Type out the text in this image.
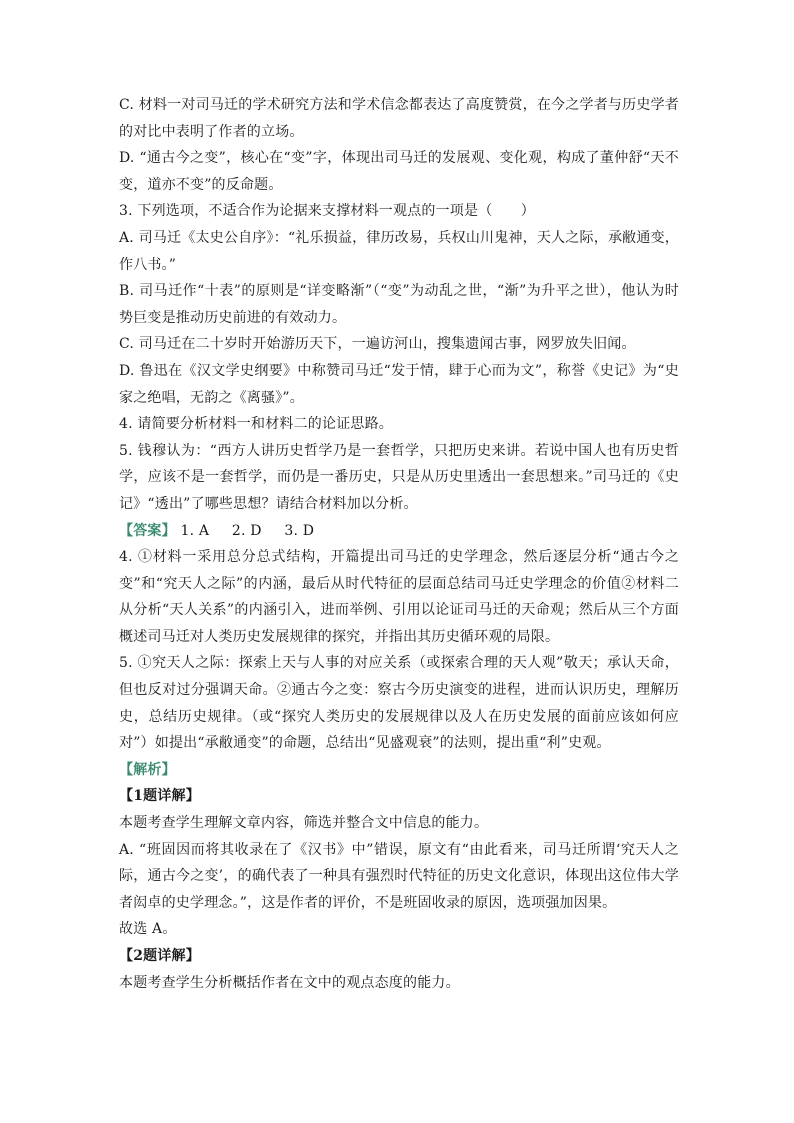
C. 材料一对司马迁的学术研究方法和学术信念都表达了高度赞赏，在今之学者与历史学者的对比中表明了作者的立场。

D. “通古今之变”，核心在“变”字，体现出司马迁的发展观、变化观，构成了董仲舒“天不变，道亦不变”的反命题。

3. 下列选项，不适合作为论据来支撑材料一观点的一项是（　　）

A. 司马迁《太史公自序》：“礼乐损益，律历改易，兵权山川鬼神，天人之际，承敝通变，作八书。”

B. 司马迁作“十表”的原则是“详变略渐”（“变”为动乱之世，“渐”为升平之世），他认为时势巨变是推动历史前进的有效动力。

C. 司马迁在二十岁时开始游历天下，一遍访河山，搜集遗闻古事，网罗放失旧闻。

D. 鲁迅在《汉文学史纲要》中称赞司马迁“发于情，肆于心而为文”，称誉《史记》为“史家之绝唱，无韵之《离骚》”。

4. 请简要分析材料一和材料二的论证思路。

5. 钱穆认为：“西方人讲历史哲学乃是一套哲学，只把历史来讲。若说中国人也有历史哲学，应该不是一套哲学，而仍是一番历史，只是从历史里透出一套思想来。”司马迁的《史记》“透出”了哪些思想？请结合材料加以分析。

【答案】 1. A 2. D 3. D

4. ①材料一采用总分总式结构，开篇提出司马迁的史学理念，然后逐层分析“通古今之变”和“究天人之际”的内涵，最后从时代特征的层面总结司马迁史学理念的价值②材料二从分析“天人关系”的内涵引入，进而举例、引用以论证司马迁的天命观；然后从三个方面概述司马迁对人类历史发展规律的探究，并指出其历史循环观的局限。

5. ①究天人之际：探索上天与人事的对应关系（或探索合理的天人观”敬天；承认天命，但也反对过分强调天命。②通古今之变：察古今历史演变的进程，进而认识历史，理解历史，总结历史规律。（或“探究人类历史的发展规律以及人在历史发展的面前应该如何应对”）如提出“承敝通变”的命题，总结出“见盛观衰”的法则，提出重“利”史观。

【解析】

【1题详解】

本题考查学生理解文章内容，筛选并整合文中信息的能力。

A. “班固因而将其收录在了《汉书》中”错误，原文有“由此看来，司马迁所谓‘究天人之际，通古今之变’，的确代表了一种具有强烈时代特征的历史文化意识，体现出这位伟大学者闳卓的史学理念。”，这是作者的评价，不是班固收录的原因，选项强加因果。

故选 A。

【2题详解】

本题考查学生分析概括作者在文中的观点态度的能力。
